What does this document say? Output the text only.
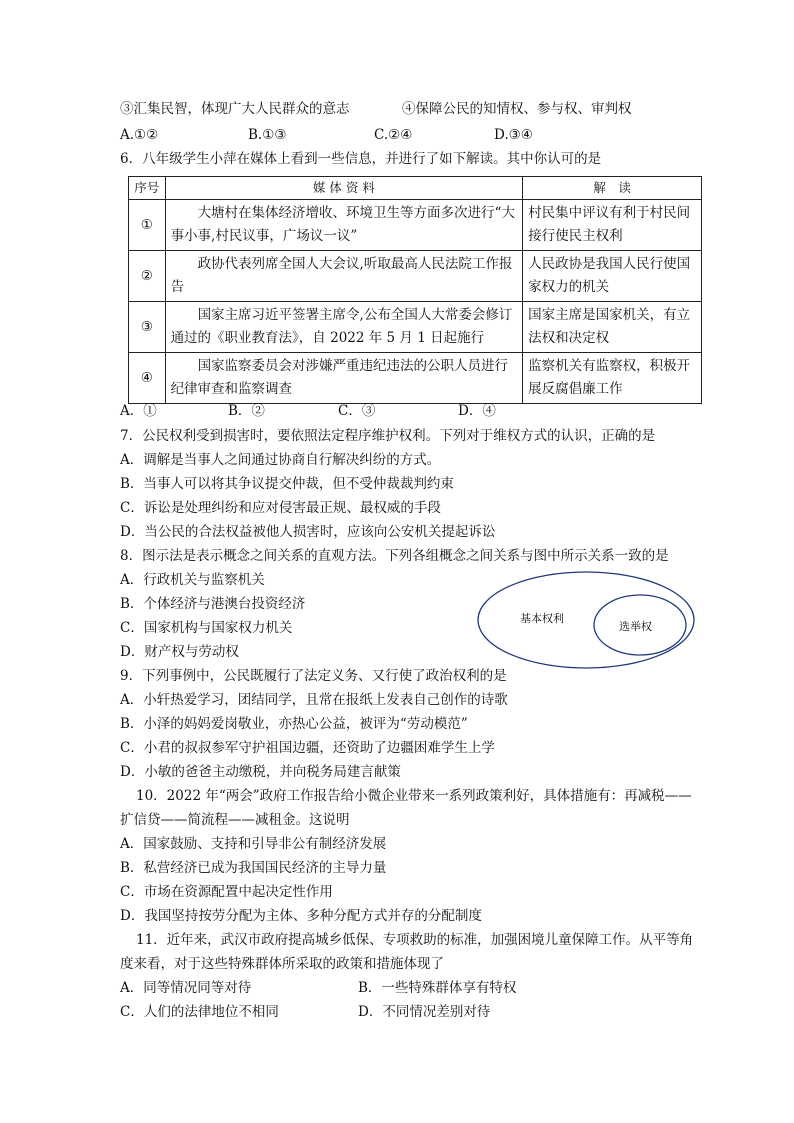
③汇集民智，体现广大人民群众的意志	④保障公民的知情权、参与权、审判权
A.①②	B.①③	C.②④	D.③④
6．八年级学生小萍在媒体上看到一些信息，并进行了如下解读。其中你认可的是
序号	媒 体 资 料	解　读
①	大塘村在集体经济增收、环境卫生等方面多次进行“大事小事,村民议事，广场议一议”	村民集中评议有利于村民间接行使民主权利
②	政协代表列席全国人大会议,听取最高人民法院工作报告	人民政协是我国人民行使国家权力的机关
③	国家主席习近平签署主席令,公布全国人大常委会修订通过的《职业教育法》，自 2022 年 5 月 1 日起施行	国家主席是国家机关，有立法权和决定权
④	国家监察委员会对涉嫌严重违纪违法的公职人员进行纪律审查和监察调查	监察机关有监察权，积极开展反腐倡廉工作
A．①	B．②	C．③	D．④
7．公民权利受到损害时，要依照法定程序维护权利。下列对于维权方式的认识，正确的是
A．调解是当事人之间通过协商自行解决纠纷的方式。
B．当事人可以将其争议提交仲裁，但不受仲裁裁判约束
C．诉讼是处理纠纷和应对侵害最正规、最权威的手段
D．当公民的合法权益被他人损害时，应该向公安机关提起诉讼
8．图示法是表示概念之间关系的直观方法。下列各组概念之间关系与图中所示关系一致的是
A．行政机关与监察机关
B．个体经济与港澳台投资经济
C．国家机构与国家权力机关
D．财产权与劳动权
基本权利
选举权
9．下列事例中，公民既履行了法定义务、又行使了政治权利的是
A．小轩热爱学习，团结同学，且常在报纸上发表自己创作的诗歌
B．小泽的妈妈爱岗敬业，亦热心公益，被评为“劳动模范”
C．小君的叔叔参军守护祖国边疆，还资助了边疆困难学生上学
D．小敏的爸爸主动缴税，并向税务局建言献策
10．2022 年“两会”政府工作报告给小微企业带来一系列政策利好，具体措施有：再减税——
扩信贷——简流程——减租金。这说明
A．国家鼓励、支持和引导非公有制经济发展
B．私营经济已成为我国国民经济的主导力量
C．市场在资源配置中起决定性作用
D．我国坚持按劳分配为主体、多种分配方式并存的分配制度
11．近年来，武汉市政府提高城乡低保、专项救助的标准，加强困境儿童保障工作。从平等角
度来看，对于这些特殊群体所采取的政策和措施体现了
A．同等情况同等对待	B．一些特殊群体享有特权
C．人们的法律地位不相同	D．不同情况差别对待
